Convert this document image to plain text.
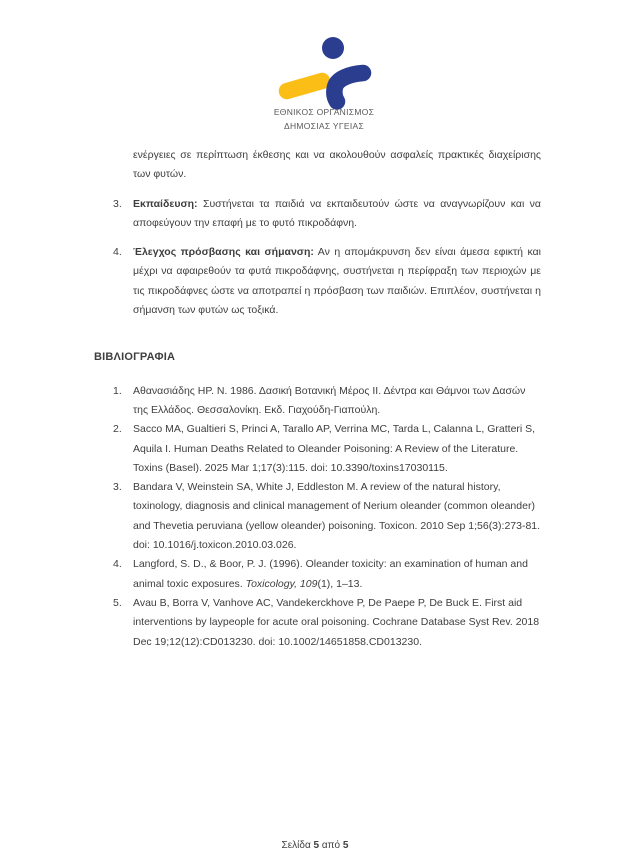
ΕΘΝΙΚΟΣ ΟΡΓΑΝΙΣΜΟΣ
ΔΗΜΟΣΙΑΣ ΥΓΕΙΑΣ
ενέργειες σε περίπτωση έκθεσης και να ακολουθούν ασφαλείς πρακτικές διαχείρισης των φυτών.
3.	Εκπαίδευση: Συστήνεται τα παιδιά να εκπαιδευτούν ώστε να αναγνωρίζουν και να αποφεύγουν την επαφή με το φυτό πικροδάφνη.
4.	Έλεγχος πρόσβασης και σήμανση: Αν η απομάκρυνση δεν είναι άμεσα εφικτή και μέχρι να αφαιρεθούν τα φυτά πικροδάφνης, συστήνεται η περίφραξη των περιοχών με τις πικροδάφνες ώστε να αποτραπεί η πρόσβαση των παιδιών. Επιπλέον, συστήνεται η σήμανση των φυτών ως τοξικά.
ΒΙΒΛΙΟΓΡΑΦΙΑ
1.	Αθανασιάδης ΗΡ. Ν. 1986. Δασική Βοτανική Μέρος ΙΙ. Δέντρα και Θάμνοι των Δασών της Ελλάδος. Θεσσαλονίκη. Εκδ. Γιαχούδη-Γιαπούλη.
2.	Sacco MA, Gualtieri S, Princi A, Tarallo AP, Verrina MC, Tarda L, Calanna L, Gratteri S, Aquila I. Human Deaths Related to Oleander Poisoning: A Review of the Literature. Toxins (Basel). 2025 Mar 1;17(3):115. doi: 10.3390/toxins17030115.
3.	Bandara V, Weinstein SA, White J, Eddleston M. A review of the natural history, toxinology, diagnosis and clinical management of Nerium oleander (common oleander) and Thevetia peruviana (yellow oleander) poisoning. Toxicon. 2010 Sep 1;56(3):273-81. doi: 10.1016/j.toxicon.2010.03.026.
4.	Langford, S. D., & Boor, P. J. (1996). Oleander toxicity: an examination of human and animal toxic exposures. Toxicology, 109(1), 1–13.
5.	Avau B, Borra V, Vanhove AC, Vandekerckhove P, De Paepe P, De Buck E. First aid interventions by laypeople for acute oral poisoning. Cochrane Database Syst Rev. 2018 Dec 19;12(12):CD013230. doi: 10.1002/14651858.CD013230.
Σελίδα 5 από 5
